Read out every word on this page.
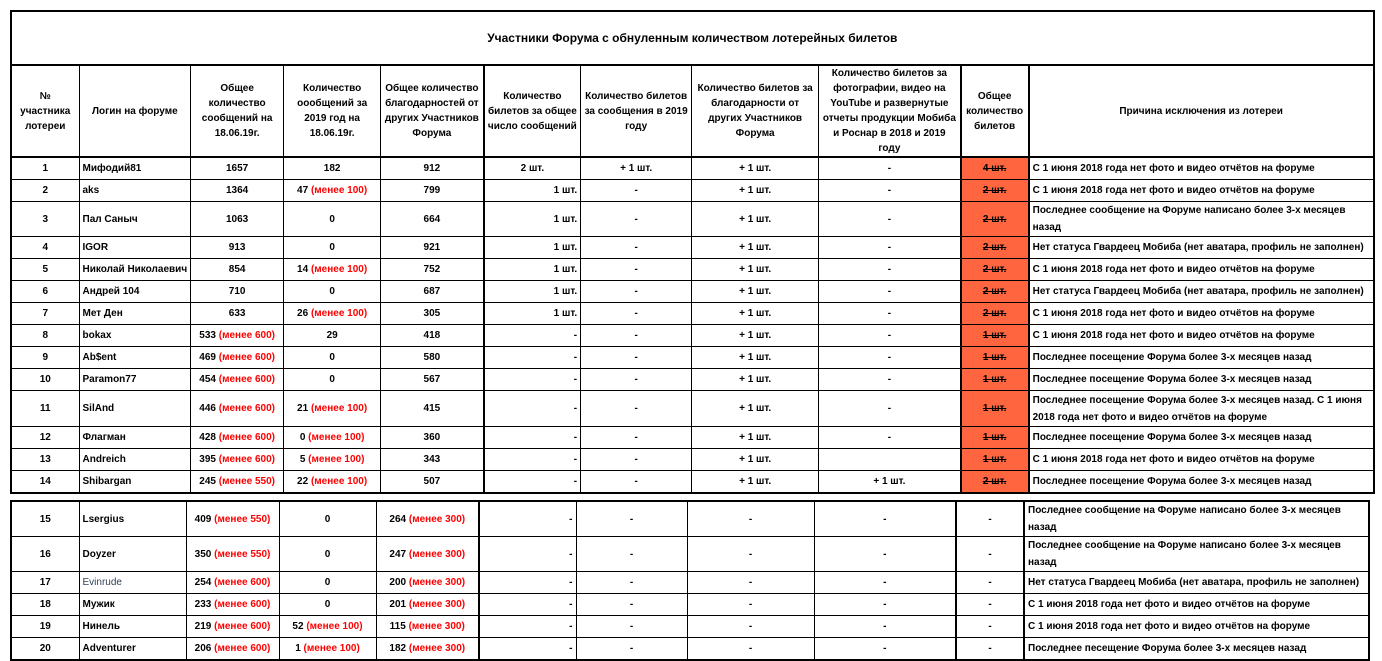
Участники Форума с обнуленным количеством лотерейных билетов										
№ участника лотереи	Логин на форуме	Общее количество сообщений на 18.06.19г.	Количество оообщений за 2019 год на 18.06.19г.	Общее количество благодарностей от других Участников Форума	Количество билетов за общее число сообщений	Количество билетов за сообщения в 2019 году	Количество билетов за благодарности от других Участников Форума	Количество билетов за фотографии, видео на YouTube и развернутые отчеты продукции Мобиба и Роснар в 2018 и 2019 году	Общее количество билетов	Причина исключения из лотереи
1	Мифодий81	1657	182	912	2 шт.	+ 1 шт.	+ 1 шт.	-	4 шт.	С 1 июня 2018 года нет фото и видео отчётов на форуме
2	aks	1364	47 (менее 100)	799	1 шт.	-	+ 1 шт.	-	2 шт.	С 1 июня 2018 года нет фото и видео отчётов на форуме
3	Пал Саныч	1063	0	664	1 шт.	-	+ 1 шт.	-	2 шт.	Последнее сообщение на Форуме написано более 3-х месяцев назад
4	IGOR	913	0	921	1 шт.	-	+ 1 шт.	-	2 шт.	Нет статуса Гвардеец Мобиба (нет аватара, профиль не заполнен)
5	Николай Николаевич	854	14 (менее 100)	752	1 шт.	-	+ 1 шт.	-	2 шт.	С 1 июня 2018 года нет фото и видео отчётов на форуме
6	Андрей 104	710	0	687	1 шт.	-	+ 1 шт.	-	2 шт.	Нет статуса Гвардеец Мобиба (нет аватара, профиль не заполнен)
7	Мет Ден	633	26 (менее 100)	305	1 шт.	-	+ 1 шт.	-	2 шт.	С 1 июня 2018 года нет фото и видео отчётов на форуме
8	bokax	533 (менее 600)	29	418	-	-	+ 1 шт.	-	1 шт.	С 1 июня 2018 года нет фото и видео отчётов на форуме
9	Ab$ent	469 (менее 600)	0	580	-	-	+ 1 шт.	-	1 шт.	Последнее посещение Форума более 3-х месяцев назад
10	Paramon77	454 (менее 600)	0	567	-	-	+ 1 шт.	-	1 шт.	Последнее посещение Форума более 3-х месяцев назад
11	SilAnd	446 (менее 600)	21 (менее 100)	415	-	-	+ 1 шт.	-	1 шт.	Последнее посещение Форума более 3-х месяцев назад. С 1 июня 2018 года нет фото и видео отчётов на форуме
12	Флагман	428 (менее 600)	0 (менее 100)	360	-	-	+ 1 шт.	-	1 шт.	Последнее посещение Форума более 3-х месяцев назад
13	Andreich	395 (менее 600)	5 (менее 100)	343	-	-	+ 1 шт.		1 шт.	С 1 июня 2018 года нет фото и видео отчётов на форуме
14	Shibargan	245 (менее 550)	22 (менее 100)	507	-	-	+ 1 шт.	+ 1 шт.	2 шт.	Последнее посещение Форума более 3-х месяцев назад
15	Lsergius	409 (менее 550)	0	264 (менее 300)	-	-	-	-	-	Последнее сообщение на Форуме написано более 3-х месяцев назад
16	Doyzer	350 (менее 550)	0	247 (менее 300)	-	-	-	-	-	Последнее сообщение на Форуме написано более 3-х месяцев назад
17	Evinrude	254 (менее 600)	0	200 (менее 300)	-	-	-	-	-	Нет статуса Гвардеец Мобиба (нет аватара, профиль не заполнен)
18	Мужик	233 (менее 600)	0	201 (менее 300)	-	-	-	-	-	С 1 июня 2018 года нет фото и видео отчётов на форуме
19	Нинель	219 (менее 600)	52 (менее 100)	115 (менее 300)	-	-	-	-	-	С 1 июня 2018 года нет фото и видео отчётов на форуме
20	Adventurer	206 (менее 600)	1 (менее 100)	182 (менее 300)	-	-	-	-	-	Последнее песещение Форума более 3-х месяцев назад
